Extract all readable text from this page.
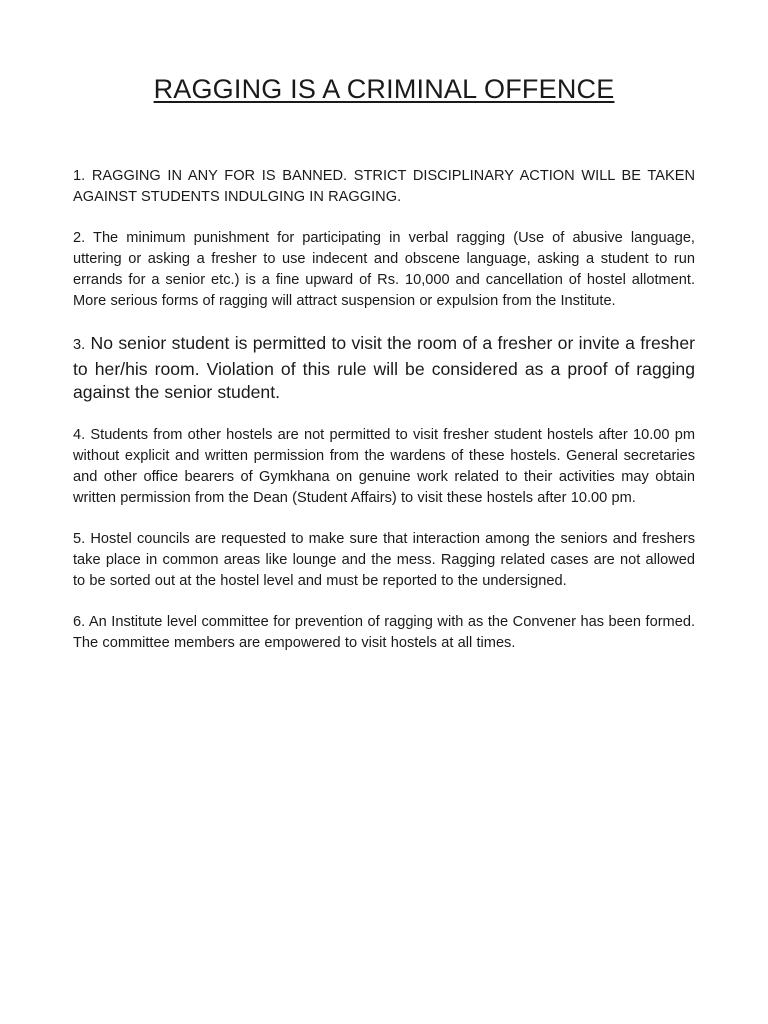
RAGGING IS A CRIMINAL OFFENCE

1. RAGGING IN ANY FOR IS BANNED. STRICT DISCIPLINARY ACTION WILL BE TAKEN AGAINST STUDENTS INDULGING IN RAGGING.

2. The minimum punishment for participating in verbal ragging (Use of abusive language, uttering or asking a fresher to use indecent and obscene language, asking a student to run errands for a senior etc.) is a fine upward of Rs. 10,000 and cancellation of hostel allotment. More serious forms of ragging will attract suspension or expulsion from the Institute.

3. No senior student is permitted to visit the room of a fresher or invite a fresher to her/his room. Violation of this rule will be considered as a proof of ragging against the senior student.

4. Students from other hostels are not permitted to visit fresher student hostels after 10.00 pm without explicit and written permission from the wardens of these hostels. General secretaries and other office bearers of Gymkhana on genuine work related to their activities may obtain written permission from the Dean (Student Affairs) to visit these hostels after 10.00 pm.

5. Hostel councils are requested to make sure that interaction among the seniors and freshers take place in common areas like lounge and the mess. Ragging related cases are not allowed to be sorted out at the hostel level and must be reported to the undersigned.

6. An Institute level committee for prevention of ragging with as the Convener has been formed. The committee members are empowered to visit hostels at all times.
